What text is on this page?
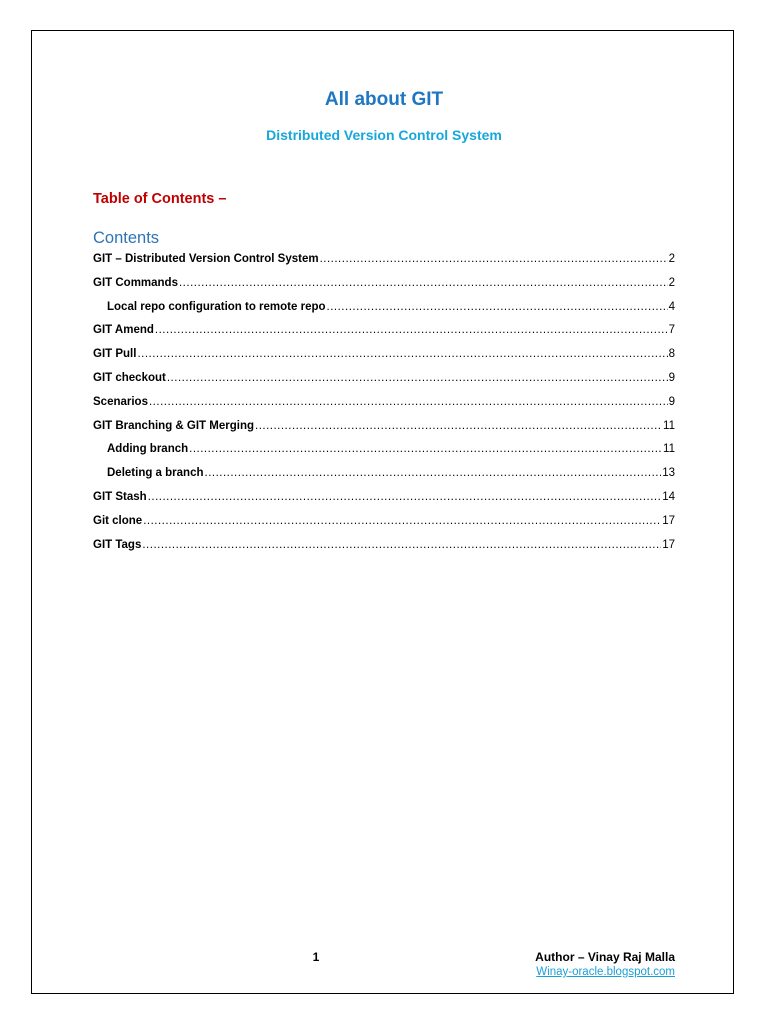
All about GIT
Distributed Version Control System
Table of Contents –
Contents
GIT – Distributed Version Control System .....	2
GIT Commands .....	2
Local repo configuration to remote repo .....	4
GIT Amend .....	7
GIT Pull .....	8
GIT checkout .....	9
Scenarios .....	9
GIT Branching & GIT Merging .....	11
Adding branch .....	11
Deleting a branch .....	13
GIT Stash .....	14
Git clone .....	17
GIT Tags .....	17
1	Author – Vinay Raj Malla
Winay-oracle.blogspot.com
